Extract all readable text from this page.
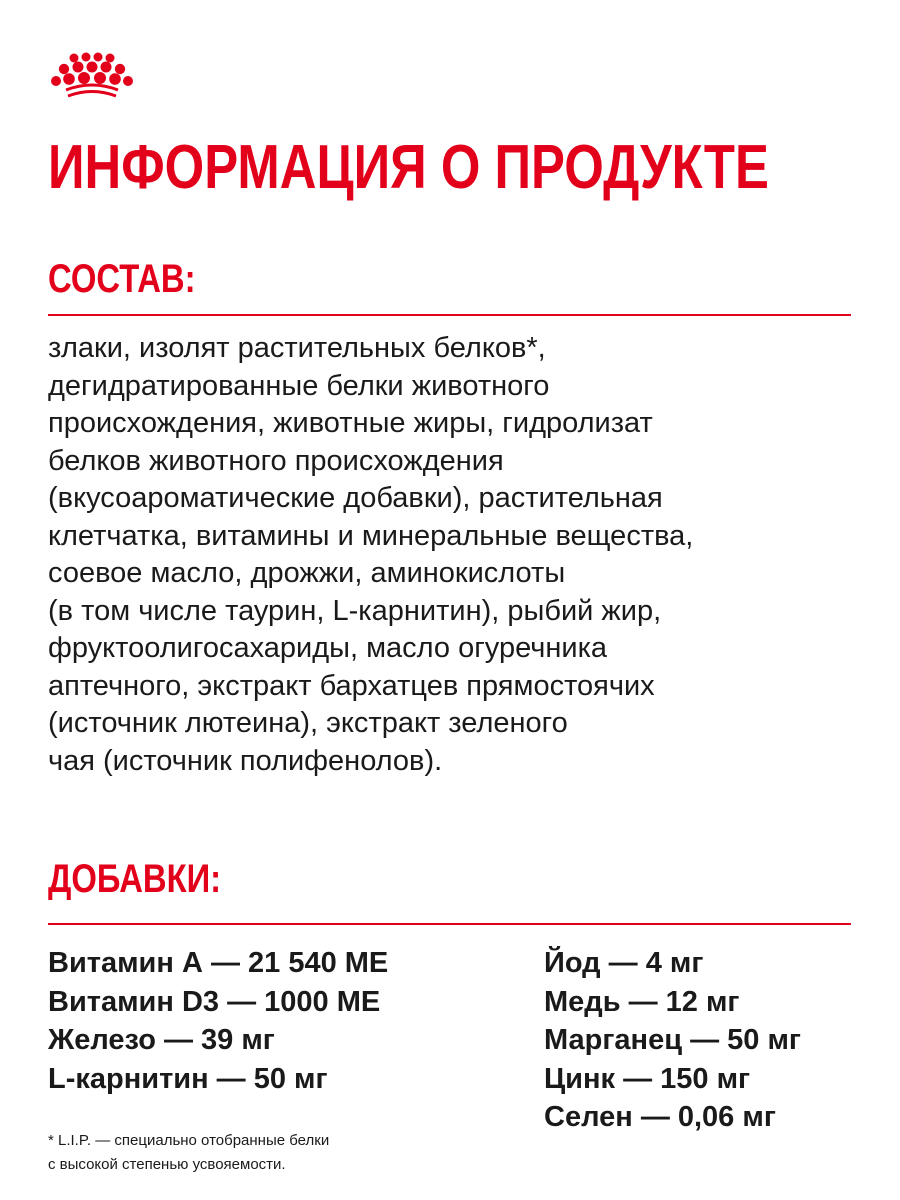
ИНФОРМАЦИЯ О ПРОДУКТЕ
СОСТАВ:
злаки, изолят растительных белков*,
дегидратированные белки животного
происхождения, животные жиры, гидролизат
белков животного происхождения
(вкусоароматические добавки), растительная
клетчатка, витамины и минеральные вещества,
соевое масло, дрожжи, аминокислоты
(в том числе таурин, L-карнитин), рыбий жир,
фруктоолигосахариды, масло огуречника
аптечного, экстракт бархатцев прямостоячих
(источник лютеина), экстракт зеленого
чая (источник полифенолов).
ДОБАВКИ:
Витамин А — 21 540 МЕ
Витамин D3 — 1000 МЕ
Железо — 39 мг
L-карнитин — 50 мг
Йод — 4 мг
Медь — 12 мг
Марганец — 50 мг
Цинк — 150 мг
Селен — 0,06 мг
* L.I.P. — специально отобранные белки
с высокой степенью усвояемости.
